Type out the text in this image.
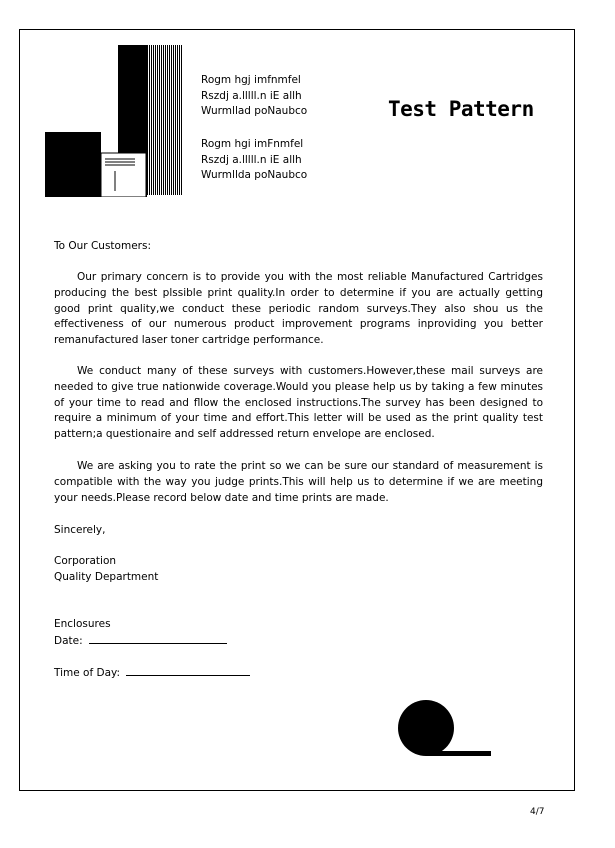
Rogm hgj imfnmfel
Rszdj a.lllll.n iE allh
Wurmllad poNaubco
Rogm hgi imFnmfel
Rszdj a.lllll.n iE allh
Wurmllda poNaubco
Test Pattern
To Our Customers:
Our primary concern is to provide you with the most reliable Manufactured Cartridges producing the best plssible print quality.In order to determine if you are actually getting good print quality,we conduct these periodic random surveys.They also shou us the effectiveness of our numerous product improvement programs inproviding you better remanufactured laser toner cartridge performance.
We conduct many of these surveys with customers.However,these mail surveys are needed to give true nationwide coverage.Would you please help us by taking a few minutes of your time to read and fllow the enclosed instructions.The survey has been designed to require a minimum of your time and effort.This letter will be used as the print quality test pattern;a questionaire and self addressed return envelope are enclosed.
We are asking you to rate the print so we can be sure our standard of measurement is compatible with the way you judge prints.This will help us to determine if we are meeting your needs.Please record below date and time prints are made.
Sincerely,
Corporation
Quality Department
Enclosures
Date:
Time of Day:
4/7
